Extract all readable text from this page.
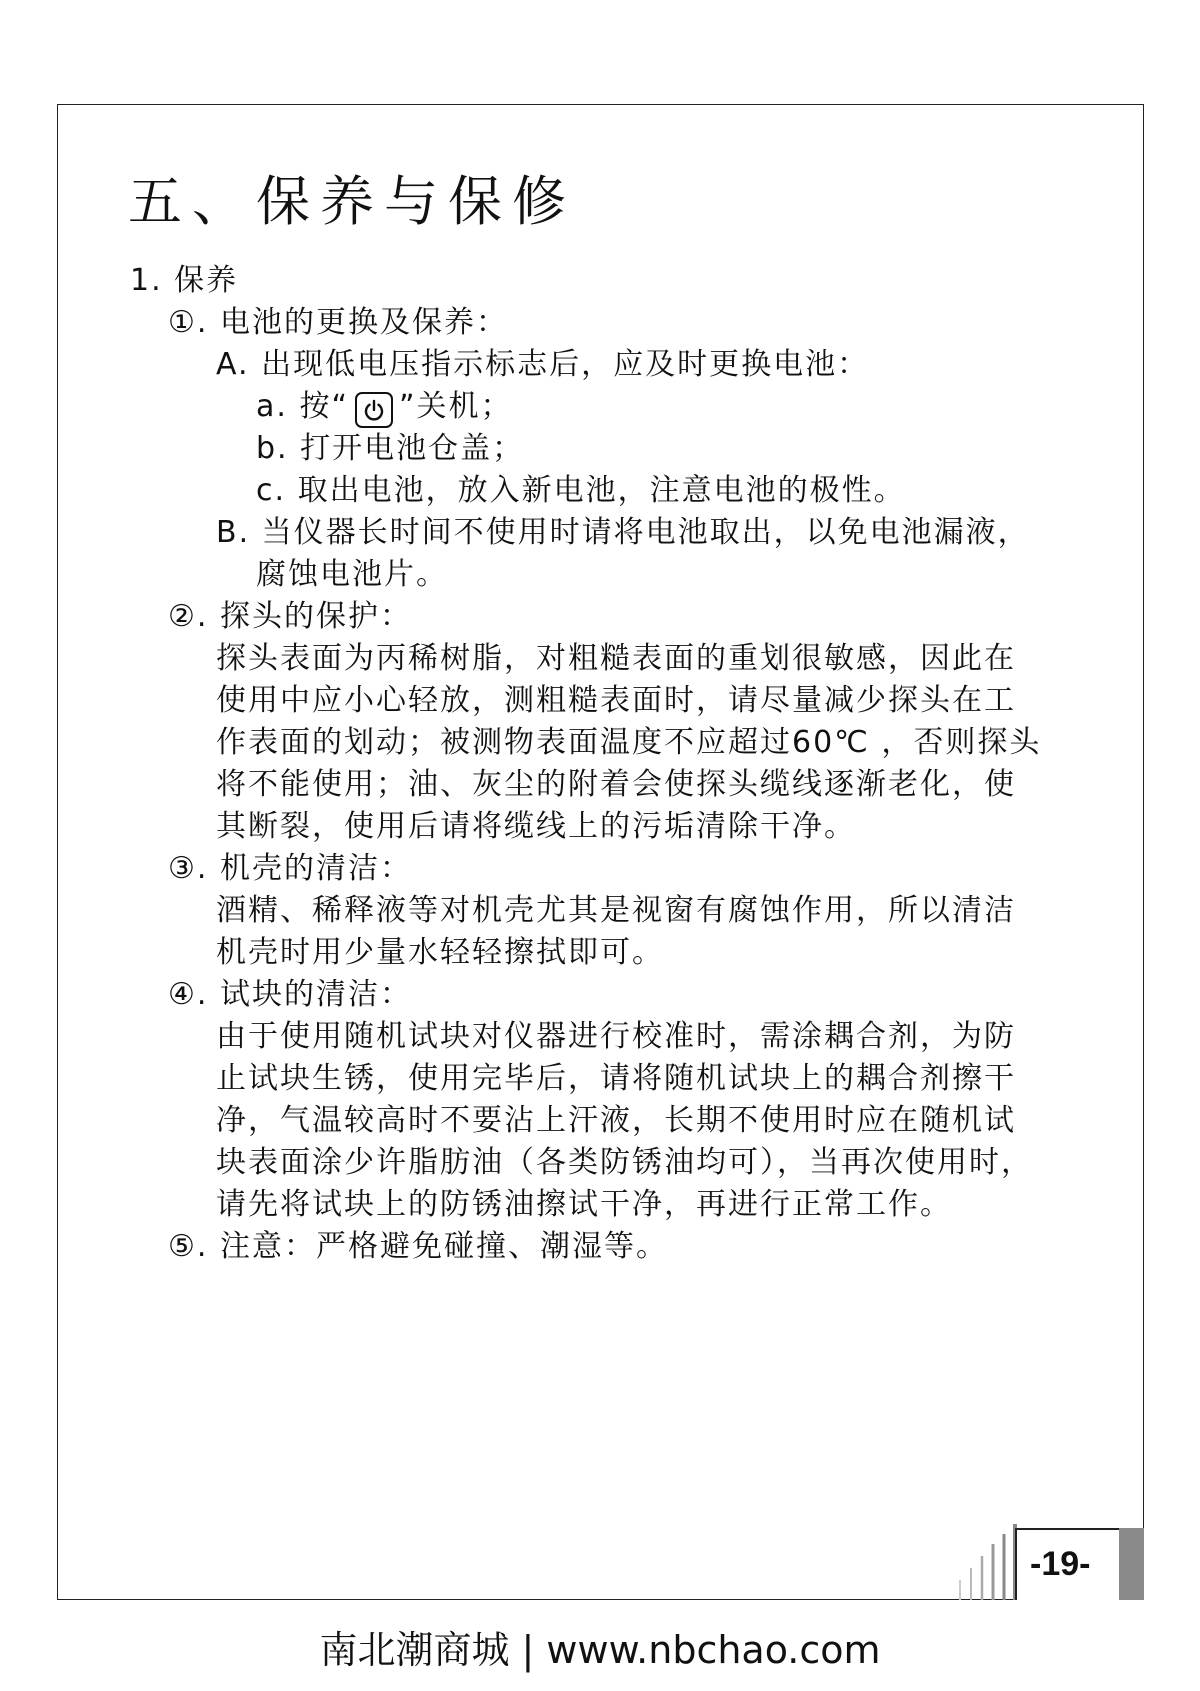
五、保养与保修
1. 保养
①. 电池的更换及保养：
A. 出现低电压指示标志后，应及时更换电池：
a. 按“ ”关机；
b. 打开电池仓盖；
c. 取出电池，放入新电池，注意电池的极性。
B. 当仪器长时间不使用时请将电池取出，以免电池漏液，
腐蚀电池片。
②. 探头的保护：
探头表面为丙稀树脂，对粗糙表面的重划很敏感，因此在
使用中应小心轻放，测粗糙表面时，请尽量减少探头在工
作表面的划动；被测物表面温度不应超过60℃ ，否则探头
将不能使用；油、灰尘的附着会使探头缆线逐渐老化，使
其断裂，使用后请将缆线上的污垢清除干净。
③. 机壳的清洁：
酒精、稀释液等对机壳尤其是视窗有腐蚀作用，所以清洁
机壳时用少量水轻轻擦拭即可。
④. 试块的清洁：
由于使用随机试块对仪器进行校准时，需涂耦合剂，为防
止试块生锈，使用完毕后，请将随机试块上的耦合剂擦干
净，气温较高时不要沾上汗液，长期不使用时应在随机试
块表面涂少许脂肪油（各类防锈油均可），当再次使用时，
请先将试块上的防锈油擦试干净，再进行正常工作。
⑤. 注意：严格避免碰撞、潮湿等。
-19-
南北潮商城 | www.nbchao.com
